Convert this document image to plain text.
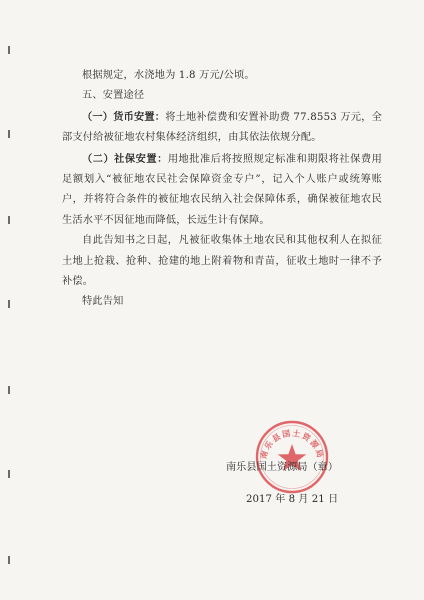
根据规定，水浇地为 1.8 万元/公顷。

五、安置途径

（一）货币安置：将土地补偿费和安置补助费 77.8553 万元，全部支付给被征地农村集体经济组织，由其依法依规分配。

（二）社保安置：用地批准后将按照规定标准和期限将社保费用足额划入“被征地农民社会保障资金专户”，记入个人账户或统筹账户，并将符合条件的被征地农民纳入社会保障体系，确保被征地农民生活水平不因征地而降低，长远生计有保障。

自此告知书之日起，凡被征收集体土地农民和其他权利人在拟征土地上抢栽、抢种、抢建的地上附着物和青苗，征收土地时一律不予补偿。

特此告知

南乐县国土资源局
南乐县国土资源局（章）
2017 年 8 月 21 日
